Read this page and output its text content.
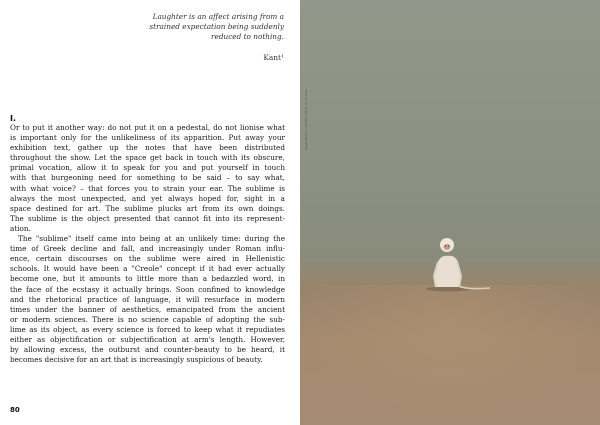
Laughter is an affect arising from a
strained expectation being suddenly
reduced to nothing.
Kant¹
I.
Or to put it another way: do not put it on a pedestal, do not lionise what
is important only for the unlikeliness of its apparition. Put away your
exhibition text, gather up the notes that have been distributed
throughout the show. Let the space get back in touch with its obscure,
primal vocation, allow it to speak for you and put yourself in touch
with that burgeoning need for something to be said – to say what,
with what voice? – that forces you to strain your ear. The sublime is
always the most unexpected, and yet always hoped for, sight in a
space destined for art. The sublime plucks art from its own doings.
The sublime is the object presented that cannot fit into its represent-
ation.
The "sublime" itself came into being at an unlikely time: during the
time of Greek decline and fall, and increasingly under Roman influ-
ence, certain discourses on the sublime were aired in Hellenistic
schools. It would have been a "Creole" concept if it had ever actually
become one, but it amounts to little more than a bedazzled word, in
the face of the ecstasy it actually brings. Soon confined to knowledge
and the rhetorical practice of language, it will resurface in modern
times under the banner of aesthetics, emancipated from the ancient
or modern sciences. There is no science capable of adopting the sub-
lime as its object, as every science is forced to keep what it repudiates
either as objectification or subjectification at arm's length. However,
by allowing excess, the outburst and counter-beauty to be heard, it
becomes decisive for an art that is increasingly suspicious of beauty.
80
Pagan Brown, Untitled, 2019, oil on linen
